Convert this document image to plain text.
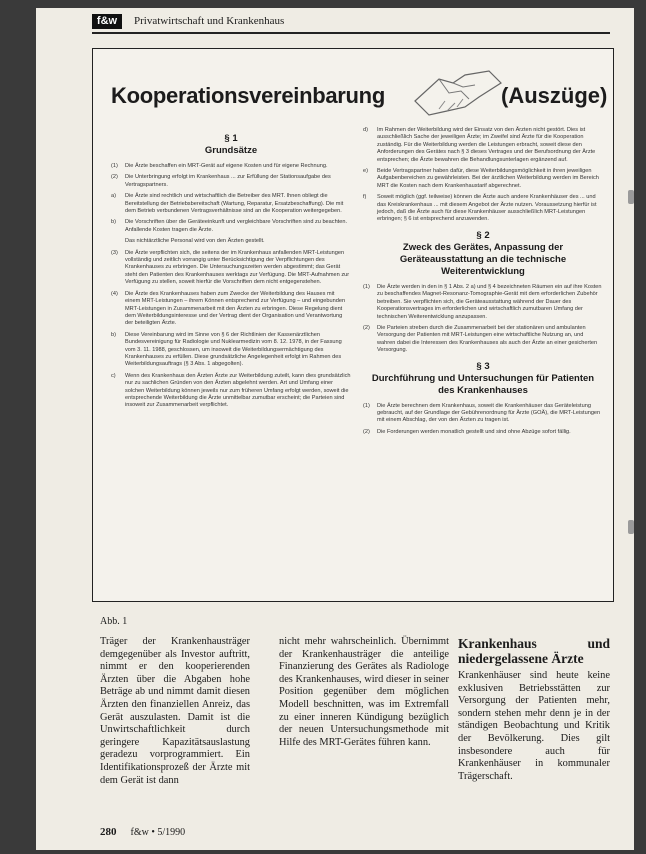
f&w	Privatwirtschaft und Krankenhaus
Kooperationsvereinbarung	(Auszüge)
§ 1
Grundsätze
(1) Die Ärzte beschaffen ein MRT-Gerät auf eigene Kosten und für eigene Rechnung.
(2) Die Unterbringung erfolgt im Krankenhaus ... zur Erfüllung der Stationsaufgabe des Vertragspartners.
a) Die Ärzte sind rechtlich und wirtschaftlich die Betreiber des MRT. Ihnen obliegt die Bereitstellung der Betriebsbereitschaft (Wartung, Reparatur, Ersatzbeschaffung). Die mit dem Betrieb verbundenen Vertragsverhältnisse sind an die Kooperation weitergegeben.
b) Die Vorschriften über die Geräteeinkunft und vergleichbare Vorschriften sind zu beachten. Anfallende Kosten tragen die Ärzte.
Das nichtärztliche Personal wird von den Ärzten gestellt.
(3) Die Ärzte verpflichten sich, die seitens der im Krankenhaus anfallenden MRT-Leistungen vollständig und zeitlich vorrangig unter Berücksichtigung der Verpflichtungen des Krankenhauses zu erbringen. Die Untersuchungszeiten werden abgestimmt; das Gerät steht den Patienten des Krankenhauses werktags zur Verfügung. Die MRT-Aufnahmen zur Verfügung zu stellen, soweit hierfür die Vorschriften dem nicht entgegenstehen.
(4) Die Ärzte des Krankenhauses haben zum Zwecke der Weiterbildung des Hauses mit einem MRT-Leistungen – ihrem Können entsprechend zur Verfügung – und eingebunden MRT-Leistungen in Zusammenarbeit mit den Ärzten zu erbringen. Diese Regelung dient dem Weiterbildungsinteresse und der Vertrag dient der Organisation und Verantwortung der beteiligten Ärzte.
b) Diese Vereinbarung wird im Sinne von § 6 der Richtlinien der Kassenärztlichen Bundesvereinigung für Radiologie und Nuklearmedizin vom 8. 12. 1978, in der Fassung vom 3. 11. 1988, geschlossen, um insoweit die Weiterbildungsermächtigung des Krankenhauses zu erfüllen. Diese grundsätzliche Angelegenheit erfolgt im Rahmen des Weiterbildungsauftrags (§ 3 Abs. 1 abgegolten).
c) Wenn des Krankenhaus den Ärzten Ärzte zur Weiterbildung zuteilt, kann dies grundsätzlich nur zu sachlichen Gründen von den Ärzten abgelehnt werden. Art und Umfang einer solchen Weiterbildung können jeweils nur zum früheren Umfang erfolgt werden, soweit die entsprechende Weiterbildung die Ärzte unmittelbar zumutbar erscheint; die Parteien sind insoweit zur Zusammenarbeit verpflichtet.
d) Im Rahmen der Weiterbildung wird der Einsatz von den Ärzten nicht gestört. Dies ist ausschließlich Sache der jeweiligen Ärzte; im Zweifel sind Ärzte für die Kooperation zuständig. Für die Weiterbildung werden die Leistungen erbracht, soweit diese den Anforderungen des Gerätes nach § 3 dieses Vertrages und der Berufsordnung der Ärzte entsprechen; die Ärzte bewahren die Behandlungsunterlagen ergänzend auf.
e) Beide Vertragspartner haben dafür, diese Weiterbildungsmöglichkeit in ihren jeweiligen Aufgabenbereichen zu gewährleisten. Bei der ärztlichen Weiterbildung werden im Bereich MRT die Kosten nach dem Krankenhaustarif abgerechnet.
f) Soweit möglich (ggf. teilweise) können die Ärzte auch andere Krankenhäuser des ... und das Kreiskrankenhaus ... mit diesem Angebot der Ärzte nutzen. Voraussetzung hierfür ist jedoch, daß die Ärzte auch für diese Krankenhäuser ausschließlich MRT-Leistungen erbringen; § 6 ist entsprechend anzuwenden.
§ 2
Zweck des Gerätes, Anpassung der Geräteausstattung an die technische Weiterentwicklung
(1) Die Ärzte werden in den in § 1 Abs. 2 a) und § 4 bezeichneten Räumen ein auf ihre Kosten zu beschaffendes Magnet-Resonanz-Tomographie-Gerät mit dem erforderlichen Zubehör betreiben. Sie verpflichten sich, die Geräteausstattung während der Dauer des Kooperationsvertrages im erforderlichen und wirtschaftlich zumutbaren Umfang der technischen Weiterentwicklung anzupassen.
(2) Die Parteien streben durch die Zusammenarbeit bei der stationären und ambulanten Versorgung der Patienten mit MRT-Leistungen eine wirtschaftliche Nutzung an, und wahren dabei die Interessen des Krankenhauses als auch der Ärzte an einer gesicherten Versorgung.
§ 3
Durchführung und Untersuchungen für Patienten des Krankenhauses
(1) Die Ärzte berechnen dem Krankenhaus, soweit die Krankenhäuser das Geräteleistung gebraucht, auf der Grundlage der Gebührenordnung für Ärzte (GOÄ), die MRT-Leistungen mit einem Abschlag, der von den Ärzten zu tragen ist.
(2) Die Forderungen werden monatlich gestellt und sind ohne Abzüge sofort fällig.
Abb. 1
Träger der Krankenhausträger demgegenüber als Investor auftritt, nimmt er den kooperierenden Ärzten über die Abgaben hohe Beträge ab und nimmt damit diesen Ärzten den finanziellen Anreiz, das Gerät auszulasten. Damit ist die Unwirtschaftlichkeit durch geringere Kapazitätsauslastung geradezu vorprogrammiert. Ein Identifikationsprozeß der Ärzte mit dem Gerät ist dann
nicht mehr wahrscheinlich. Übernimmt der Krankenhausträger die anteilige Finanzierung des Gerätes als Radiologe des Krankenhauses, wird dieser in seiner Position gegenüber dem möglichen Modell beschnitten, was im Extremfall zu einer inneren Kündigung bezüglich der neuen Untersuchungsmethode mit Hilfe des MRT-Gerätes führen kann.
Krankenhaus und niedergelassene Ärzte
Krankenhäuser sind heute keine exklusiven Betriebsstätten zur Versorgung der Patienten mehr, sondern stehen mehr denn je in der ständigen Beobachtung und Kritik der Bevölkerung. Dies gilt insbesondere auch für Krankenhäuser in kommunaler Trägerschaft.
280 f&w • 5/1990
